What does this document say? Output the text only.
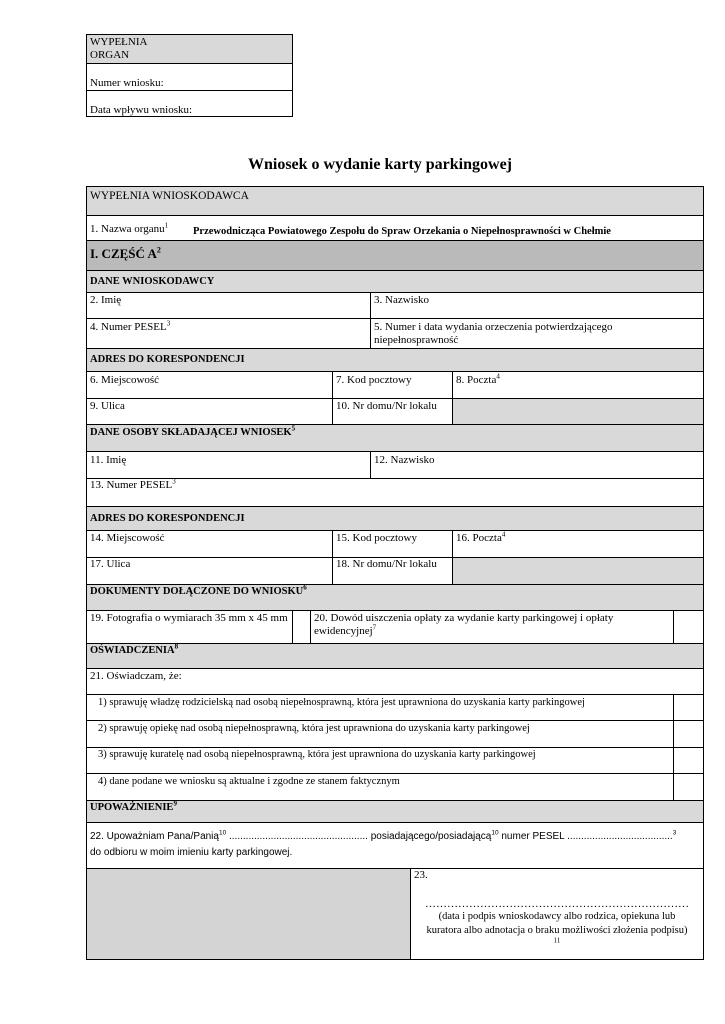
WYPEŁNIA ORGAN
Numer wniosku:
Data wpływu wniosku:
Wniosek o wydanie karty parkingowej
WYPEŁNIA WNIOSKODAWCA
1. Nazwa organu$^1$
Przewodnicząca Powiatowego Zespołu do Spraw Orzekania o Niepełnosprawności w Chełmie
I. CZĘŚĆ $A^2$
DANE WNIOSKODAWCY
2. Imię	3. Nazwisko
4. Numer PESEL$^3$	5. Numer i data wydania orzeczenia potwierdzającego niepełnosprawność
ADRES DO KORESPONDENCJI
6. Miejscowość	7. Kod pocztowy	8. Poczta$^4$
9. Ulica	10. Nr domu/Nr lokalu
DANE OSOBY SKŁADAJĄCEJ WNIOSEK$^5$
11. Imię	12. Nazwisko
13. Numer PESEL$^3$
ADRES DO KORESPONDENCJI
14. Miejscowość	15. Kod pocztowy	16. Poczta$^4$
17. Ulica	18. Nr domu/Nr lokalu
DOKUMENTY DOŁĄCZONE DO WNIOSKU$^6$
19. Fotografia o wymiarach 35 mm x 45 mm	20. Dowód uiszczenia opłaty za wydanie karty parkingowej i opłaty ewidencyjnej$^7$
OŚWIADCZENIA$^8$
21. Oświadczam, że:
1) sprawuję władzę rodzicielską nad osobą niepełnosprawną, która jest uprawniona do uzyskania karty parkingowej
2) sprawuję opiekę nad osobą niepełnosprawną, która jest uprawniona do uzyskania karty parkingowej
3) sprawuję kuratelę nad osobą niepełnosprawną, która jest uprawniona do uzyskania karty parkingowej
4) dane podane we wniosku są aktualne i zgodne ze stanem faktycznym
UPOWAŻNIENIE$^9$
22. Upoważniam Pana/Panią$^{10}$ .................................................. posiadającego/posiadającą$^{10}$ numer PESEL ......................................$^3$
do odbioru w moim imieniu karty parkingowej.
23.
………………………………………………………………
(data i podpis wnioskodawcy albo rodzica, opiekuna lub
kuratora albo adnotacja o braku możliwości złożenia podpisu)
$^{11}$
